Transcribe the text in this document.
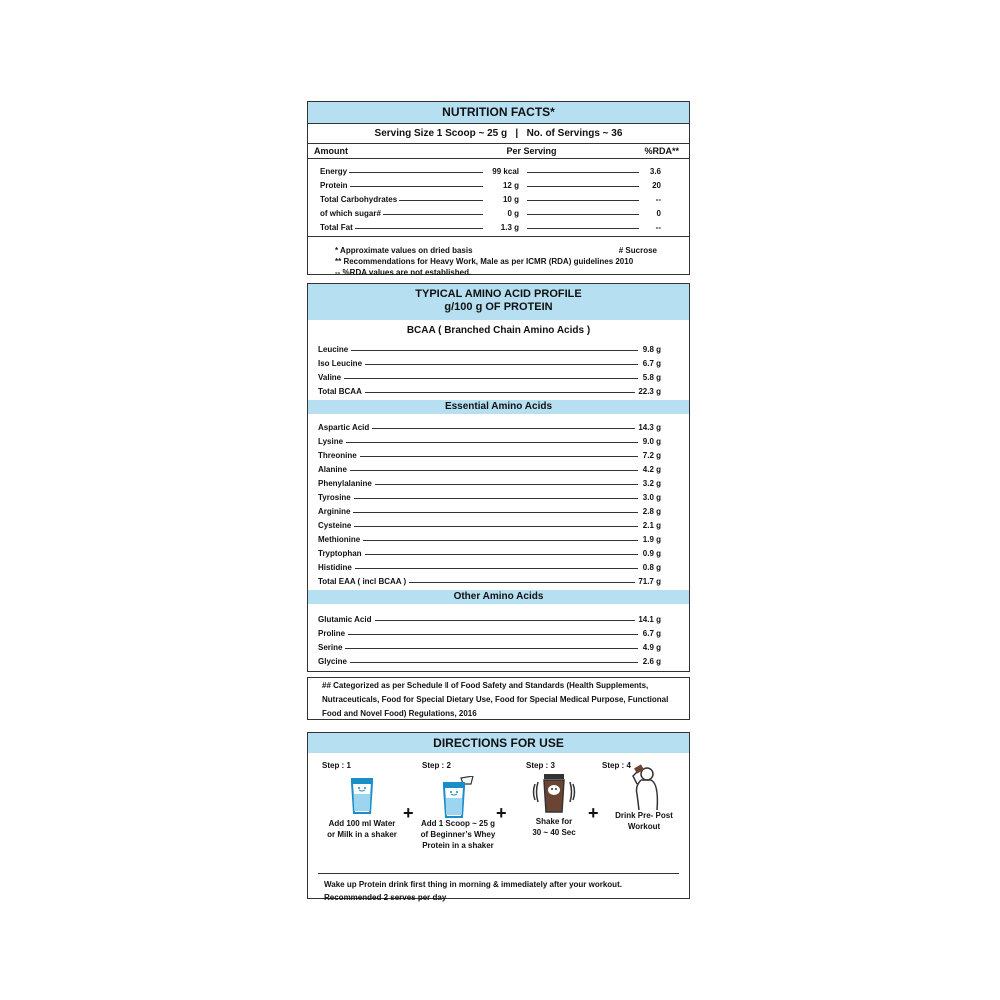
NUTRITION FACTS*
Serving Size 1 Scoop ~ 25 g   |   No. of Servings ~ 36
Amount	Per Serving	%RDA**
Energy	99 kcal	3.6
Protein	12 g	20
Total Carbohydrates	10 g	--
of which sugar#	0 g	0
Total Fat	1.3 g	--
* Approximate values on dried basis	# Sucrose
** Recommendations for Heavy Work, Male as per ICMR (RDA) guidelines 2010
-- %RDA values are not established.
TYPICAL AMINO ACID PROFILE
g/100 g OF PROTEIN
BCAA ( Branched Chain Amino Acids )
Leucine	9.8 g
Iso Leucine	6.7 g
Valine	5.8 g
Total BCAA	22.3 g
Essential Amino Acids
Aspartic Acid	14.3 g
Lysine	9.0 g
Threonine	7.2 g
Alanine	4.2 g
Phenylalanine	3.2 g
Tyrosine	3.0 g
Arginine	2.8 g
Cysteine	2.1 g
Methionine	1.9 g
Tryptophan	0.9 g
Histidine	0.8 g
Total EAA ( incl BCAA )	71.7 g
Other Amino Acids
Glutamic Acid	14.1 g
Proline	6.7 g
Serine	4.9 g
Glycine	2.6 g
## Categorized as per Schedule ǁ of Food Safety and Standards (Health Supplements,
Nutraceuticals, Food for Special Dietary Use, Food for Special Medical Purpose, Functional
Food and Novel Food) Regulations, 2016
DIRECTIONS FOR USE
Step : 1
Add 100 ml Water
or Milk in a shaker
+
Step : 2
Add 1 Scoop ~ 25 g
of Beginner’s Whey
Protein in a shaker
+
Step : 3
Shake for
30 ~ 40 Sec
+
Step : 4
Drink Pre- Post
Workout
Wake up Protein drink first thing in morning & immediately after your workout.
Recommended 2 serves per day
